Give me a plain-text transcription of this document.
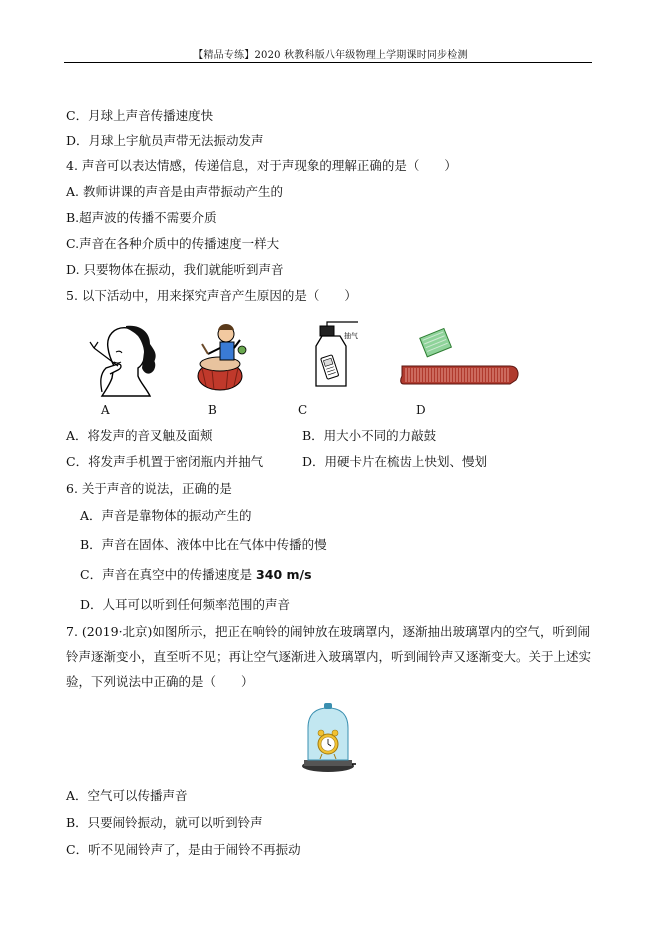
【精品专练】2020 秋教科版八年级物理上学期课时同步检测
C．月球上声音传播速度快
D．月球上宇航员声带无法振动发声
4. 声音可以表达情感，传递信息，对于声现象的理解正确的是（　　）
A. 教师讲课的声音是由声带振动产生的
B.超声波的传播不需要介质
C.声音在各种介质中的传播速度一样大
D. 只要物体在振动，我们就能听到声音
5. 以下活动中，用来探究声音产生原因的是（　　）
A	B
抽气
C	D
A．将发声的音叉触及面颊	B．用大小不同的力敲鼓
C．将发声手机置于密闭瓶内并抽气	D．用硬卡片在梳齿上快划、慢划
6. 关于声音的说法，正确的是
A．声音是靠物体的振动产生的
B．声音在固体、液体中比在气体中传播的慢
C．声音在真空中的传播速度是 340 m/s
D．人耳可以听到任何频率范围的声音
7. (2019·北京)如图所示，把正在响铃的闹钟放在玻璃罩内，逐渐抽出玻璃罩内的空气，听到闹铃声逐渐变小，直至听不见；再让空气逐渐进入玻璃罩内，听到闹铃声又逐渐变大。关于上述实验，下列说法中正确的是（　　）
A．空气可以传播声音
B．只要闹铃振动，就可以听到铃声
C．听不见闹铃声了，是由于闹铃不再振动
